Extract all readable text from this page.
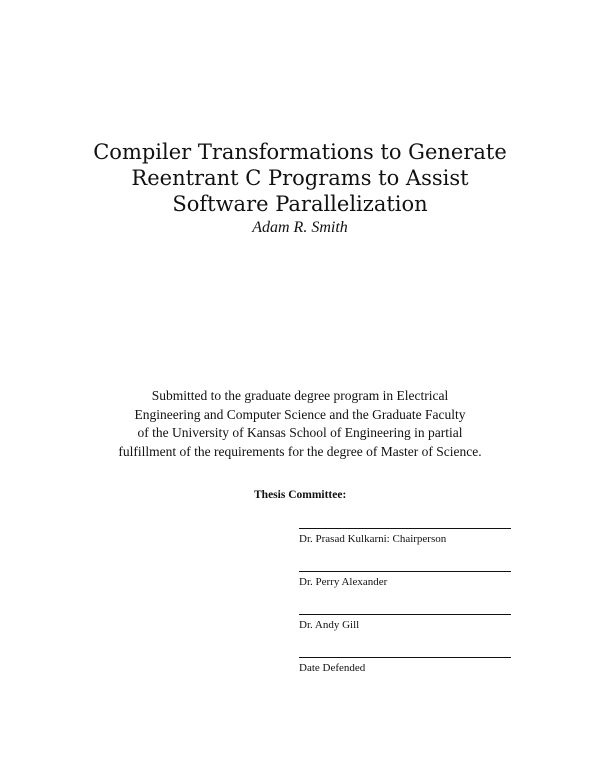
Compiler Transformations to Generate
Reentrant C Programs to Assist
Software Parallelization
Adam R. Smith
Submitted to the graduate degree program in Electrical
Engineering and Computer Science and the Graduate Faculty
of the University of Kansas School of Engineering in partial
fulfillment of the requirements for the degree of Master of Science.
Thesis Committee:
Dr. Prasad Kulkarni: Chairperson
Dr. Perry Alexander
Dr. Andy Gill
Date Defended
